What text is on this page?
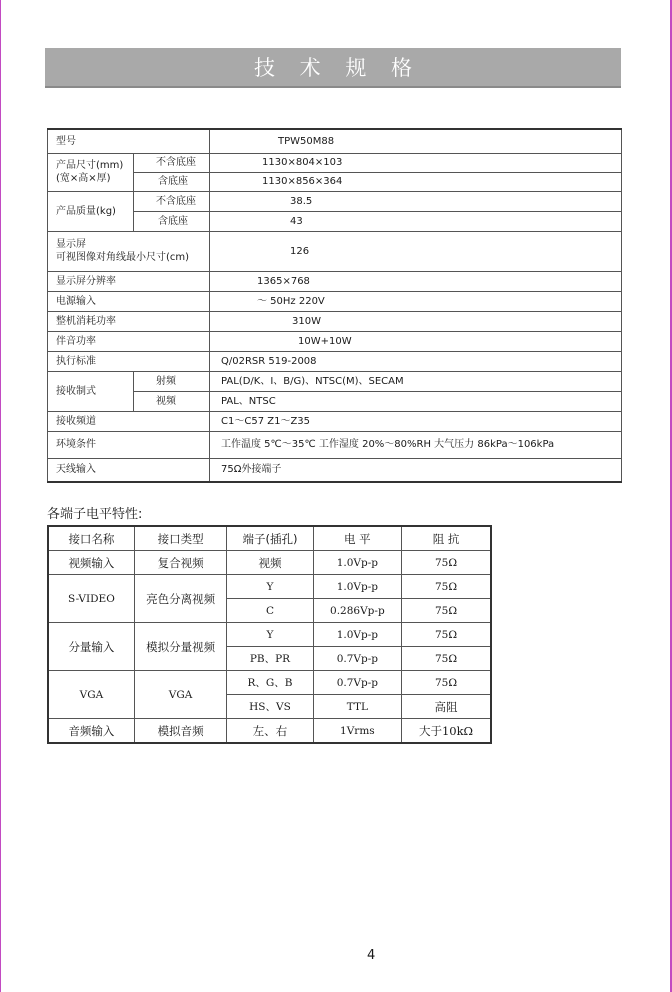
技 术 规 格
型号		TPW50M88

产品尺寸(mm)
(宽×高×厚)	不含底座	1130×804×103
	含底座	1130×856×364
产品质量(kg)	不含底座	38.5
	含底座	43

显示屏
可视图像对角线最小尺寸(cm)		126
显示屏分辨率		1365×768
电源输入		～ 50Hz 220V
整机消耗功率		310W
伴音功率		10W+10W
执行标准		Q/02RSR 519-2008
接收制式	射频	PAL(D/K、I、B/G)、NTSC(M)、SECAM
	视频	PAL、NTSC
接收频道		C1～C57 Z1～Z35
环境条件		工作温度 5℃～35℃ 工作湿度 20%～80%RH 大气压力 86kPa～106kPa
天线输入		75Ω外接端子
各端子电平特性:
接口名称	接口类型	端子(插孔)	电 平	阻 抗
视频输入	复合视频	视频	1.0Vp-p	75Ω
S-VIDEO	亮色分离视频	Y	1.0Vp-p	75Ω
		C	0.286Vp-p	75Ω
分量输入	模拟分量视频	Y	1.0Vp-p	75Ω
		PB、PR	0.7Vp-p	75Ω
VGA	VGA	R、G、B	0.7Vp-p	75Ω
		HS、VS	TTL	高阻
音频输入	模拟音频	左、右	1Vrms	大于10kΩ
4
